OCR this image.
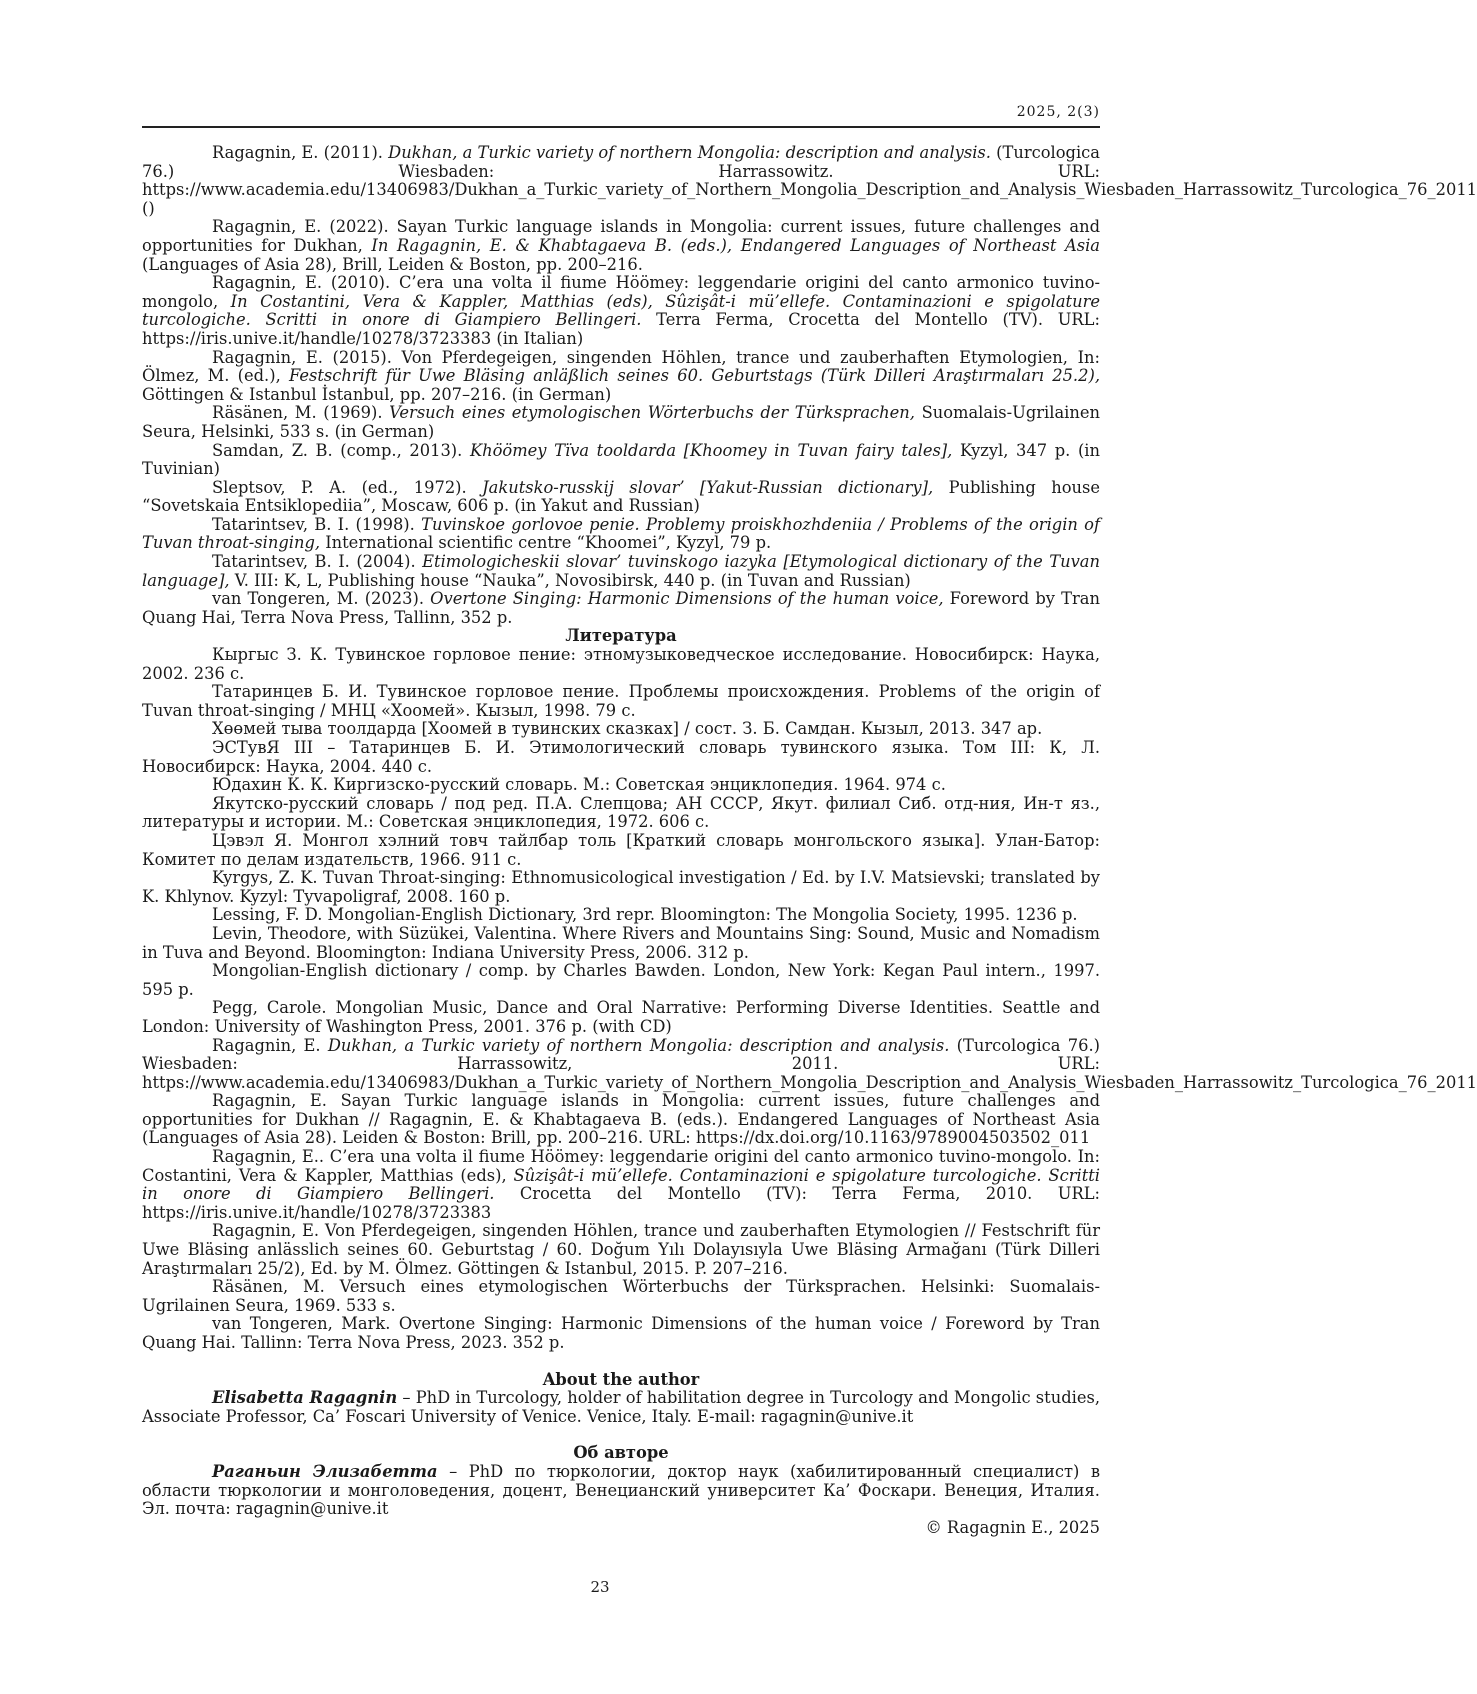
2025, 2(3)

Ragagnin, E. (2011). Dukhan, a Turkic variety of northern Mongolia: description and analysis. (Turcologica 76.) Wiesbaden: Harrassowitz. URL: https://www.academia.edu/13406983/Dukhan_a_Turkic_variety_of_Northern_Mongolia_Description_and_Analysis_Wiesbaden_Harrassowitz_Turcologica_76_2011 ()

Ragagnin, E. (2022). Sayan Turkic language islands in Mongolia: current issues, future challenges and opportunities for Dukhan, In Ragagnin, E. & Khabtagaeva B. (eds.), Endangered Languages of Northeast Asia (Languages of Asia 28), Brill, Leiden & Boston, pp. 200–216.

Ragagnin, E. (2010). C’era una volta il fiume Höömey: leggendarie origini del canto armonico tuvino-mongolo, In Costantini, Vera & Kappler, Matthias (eds), Sûzişât-i mü’ellefe. Contaminazioni e spigolature turcologiche. Scritti in onore di Giampiero Bellingeri. Terra Ferma, Crocetta del Montello (TV). URL: https://iris.unive.it/handle/10278/3723383 (in Italian)

Ragagnin, E. (2015). Von Pferdegeigen, singenden Höhlen, trance und zauberhaften Etymologien, In: Ölmez, M. (ed.), Festschrift für Uwe Bläsing anläßlich seines 60. Geburtstags (Türk Dilleri Araştırmaları 25.2), Göttingen & Istanbul İstanbul, pp. 207–216. (in German)

Räsänen, M. (1969). Versuch eines etymologischen Wörterbuchs der Türksprachen, Suomalais-Ugrilainen Seura, Helsinki, 533 s. (in German)

Samdan, Z. B. (comp., 2013). Khöömey Tïva tooldarda [Khoomey in Tuvan fairy tales], Kyzyl, 347 p. (in Tuvinian)

Sleptsov, P. A. (ed., 1972). Jakutsko-russkij slovar’ [Yakut-Russian dictionary], Publishing house “Sovetskaia Entsiklopediia”, Moscaw, 606 p. (in Yakut and Russian)

Tatarintsev, B. I. (1998). Tuvinskoe gorlovoe penie. Problemy proiskhozhdeniia / Problems of the origin of Tuvan throat-singing, International scientific centre “Khoomei”, Kyzyl, 79 p.

Tatarintsev, B. I. (2004). Etimologicheskii slovar’ tuvinskogo iazyka [Etymological dictionary of the Tuvan language], V. III: K, L, Publishing house “Nauka”, Novosibirsk, 440 p. (in Tuvan and Russian)

van Tongeren, M. (2023). Overtone Singing: Harmonic Dimensions of the human voice, Foreword by Tran Quang Hai, Terra Nova Press, Tallinn, 352 p.

Литература

Кыргыс З. К. Тувинское горловое пение: этномузыковедческое исследование. Новосибирск: Наука, 2002. 236 с.

Татаринцев Б. И. Тувинское горловое пение. Проблемы происхождения. Problems of the origin of Tuvan throat-singing / МНЦ «Хоомей». Кызыл, 1998. 79 с.

Хөөмей тыва тоолдарда [Хоомей в тувинских сказках] / сост. З. Б. Самдан. Кызыл, 2013. 347 ар.

ЭСТувЯ III – Татаринцев Б. И. Этимологический словарь тувинского языка. Том III: К, Л. Новосибирск: Наука, 2004. 440 с.

Юдахин К. К. Киргизско-русский словарь. М.: Советская энциклопедия. 1964. 974 с.

Якутско-русский словарь / под ред. П.А. Слепцова; АН СССР, Якут. филиал Сиб. отд-ния, Ин-т яз., литературы и истории. М.: Советская энциклопедия, 1972. 606 с.

Цэвэл Я. Монгол хэлний товч тайлбар толь [Краткий словарь монгольского языка]. Улан-Батор: Комитет по делам издательств, 1966. 911 с.

Kyrgys, Z. K. Tuvan Throat-singing: Ethnomusicological investigation / Ed. by I.V. Matsievski; translated by K. Khlynov. Kyzyl: Tyvapoligraf, 2008. 160 p.

Lessing, F. D. Mongolian-English Dictionary, 3rd repr. Bloomington: The Mongolia Society, 1995. 1236 p.

Levin, Theodore, with Süzükei, Valentina. Where Rivers and Mountains Sing: Sound, Music and Nomadism in Tuva and Beyond. Bloomington: Indiana University Press, 2006. 312 p.

Mongolian-English dictionary / comp. by Charles Bawden. London, New York: Kegan Paul intern., 1997. 595 p.

Pegg, Carole. Mongolian Music, Dance and Oral Narrative: Performing Diverse Identities. Seattle and London: University of Washington Press, 2001. 376 p. (with CD)

Ragagnin, E. Dukhan, a Turkic variety of northern Mongolia: description and analysis. (Turcologica 76.) Wiesbaden: Harrassowitz, 2011. URL: https://www.academia.edu/13406983/Dukhan_a_Turkic_variety_of_Northern_Mongolia_Description_and_Analysis_Wiesbaden_Harrassowitz_Turcologica_76_2011

Ragagnin, E. Sayan Turkic language islands in Mongolia: current issues, future challenges and opportunities for Dukhan // Ragagnin, E. & Khabtagaeva B. (eds.). Endangered Languages of Northeast Asia (Languages of Asia 28). Leiden & Boston: Brill, pp. 200–216. URL: https://dx.doi.org/10.1163/9789004503502_011

Ragagnin, E.. C’era una volta il fiume Höömey: leggendarie origini del canto armonico tuvino-mongolo. In: Costantini, Vera & Kappler, Matthias (eds), Sûzişât-i mü’ellefe. Contaminazioni e spigolature turcologiche. Scritti in onore di Giampiero Bellingeri. Crocetta del Montello (TV): Terra Ferma, 2010. URL: https://iris.unive.it/handle/10278/3723383

Ragagnin, E. Von Pferdegeigen, singenden Höhlen, trance und zauberhaften Etymologien // Festschrift für Uwe Bläsing anlässlich seines 60. Geburtstag / 60. Doğum Yılı Dolayısıyla Uwe Bläsing Armağanı (Türk Dilleri Araştırmaları 25/2), Ed. by M. Ölmez. Göttingen & Istanbul, 2015. P. 207–216.

Räsänen, M. Versuch eines etymologischen Wörterbuchs der Türksprachen. Helsinki: Suomalais-Ugrilainen Seura, 1969. 533 s.

van Tongeren, Mark. Overtone Singing: Harmonic Dimensions of the human voice / Foreword by Tran Quang Hai. Tallinn: Terra Nova Press, 2023. 352 p.

About the author

Elisabetta Ragagnin – PhD in Turcology, holder of habilitation degree in Turcology and Mongolic studies, Associate Professor, Ca’ Foscari University of Venice. Venice, Italy. E-mail: ragagnin@unive.it

Об авторе

Раганьин Элизабетта – PhD по тюркологии, доктор наук (хабилитированный специалист) в области тюркологии и монголоведения, доцент, Венецианский университет Ка’ Фоскари. Венеция, Италия. Эл. почта: ragagnin@unive.it

© Ragagnin E., 2025

23
